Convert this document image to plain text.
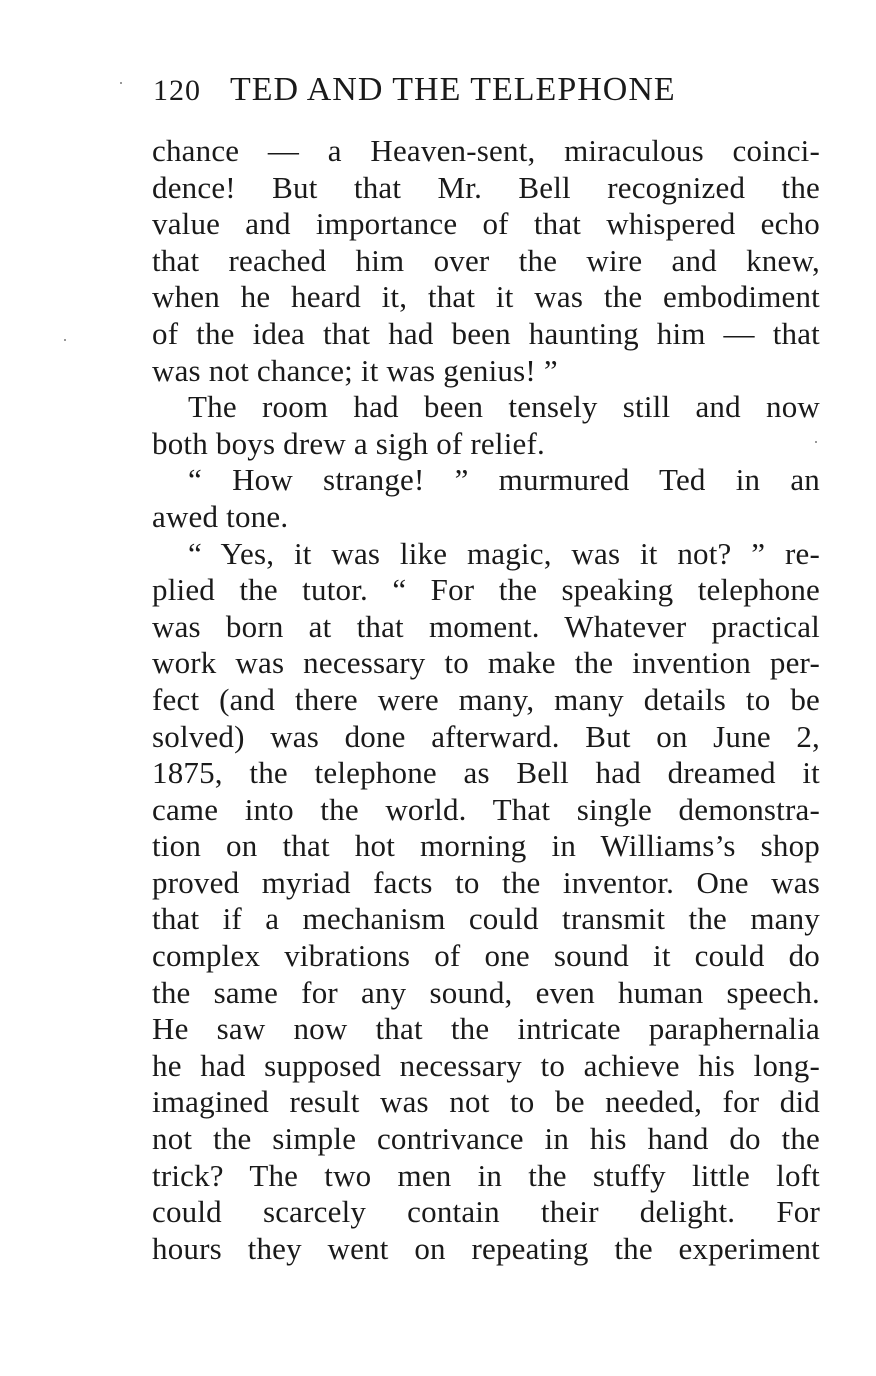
120 TED AND THE TELEPHONE
chance — a Heaven-sent, miraculous coinci-
dence! But that Mr. Bell recognized the
value and importance of that whispered echo
that reached him over the wire and knew,
when he heard it, that it was the embodiment
of the idea that had been haunting him — that
was not chance; it was genius! ”
The room had been tensely still and now
both boys drew a sigh of relief.
“ How strange! ” murmured Ted in an
awed tone.
“ Yes, it was like magic, was it not? ” re-
plied the tutor. “ For the speaking telephone
was born at that moment. Whatever practical
work was necessary to make the invention per-
fect (and there were many, many details to be
solved) was done afterward. But on June 2,
1875, the telephone as Bell had dreamed it
came into the world. That single demonstra-
tion on that hot morning in Williams’s shop
proved myriad facts to the inventor. One was
that if a mechanism could transmit the many
complex vibrations of one sound it could do
the same for any sound, even human speech.
He saw now that the intricate paraphernalia
he had supposed necessary to achieve his long-
imagined result was not to be needed, for did
not the simple contrivance in his hand do the
trick? The two men in the stuffy little loft
could scarcely contain their delight. For
hours they went on repeating the experiment
